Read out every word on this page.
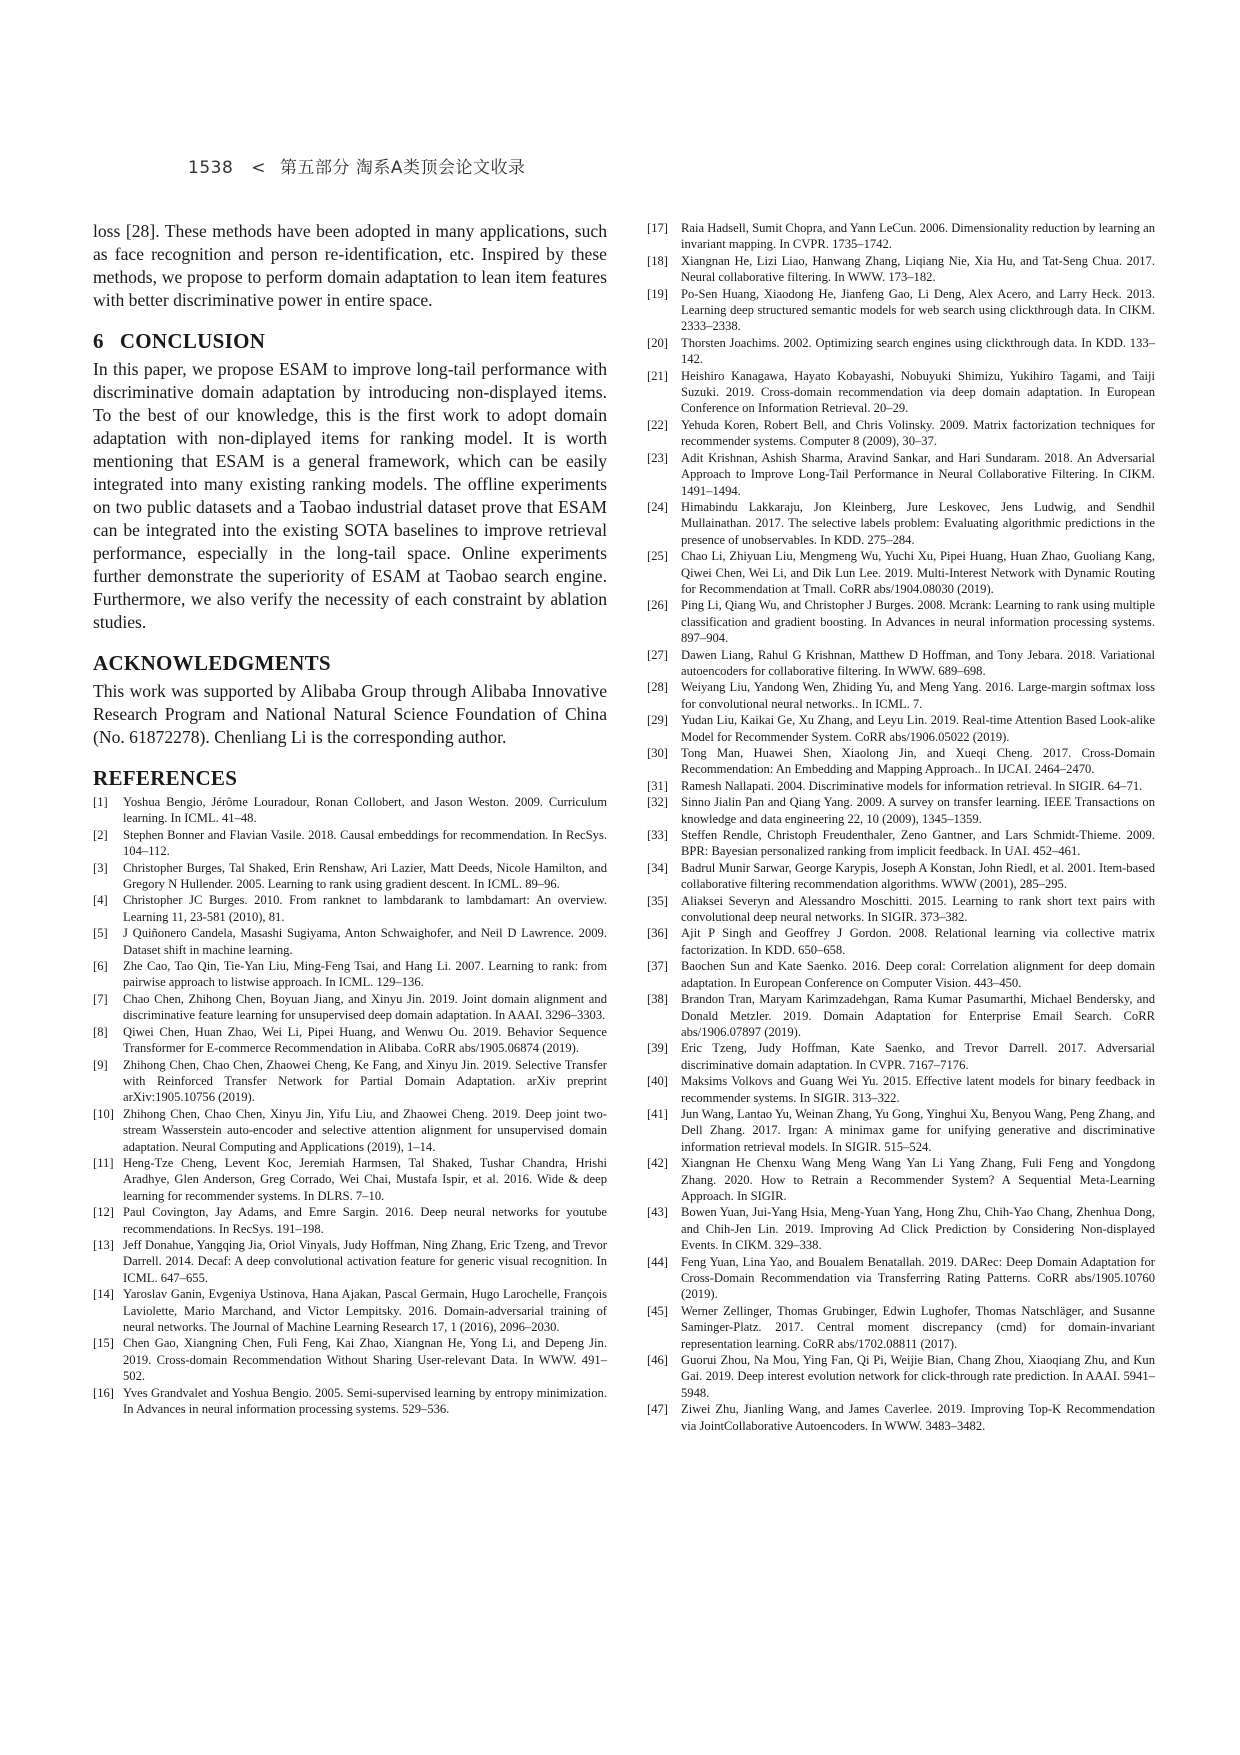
1538 < 第五部分 淘系A类顶会论文收录

loss [28]. These methods have been adopted in many applications, such as face recognition and person re-identification, etc. Inspired by these methods, we propose to perform domain adaptation to lean item features with better discriminative power in entire space.

6 CONCLUSION

In this paper, we propose ESAM to improve long-tail performance with discriminative domain adaptation by introducing non-displayed items. To the best of our knowledge, this is the first work to adopt domain adaptation with non-diplayed items for ranking model. It is worth mentioning that ESAM is a general framework, which can be easily integrated into many existing ranking models. The offline experiments on two public datasets and a Taobao industrial dataset prove that ESAM can be integrated into the existing SOTA baselines to improve retrieval performance, especially in the long-tail space. Online experiments further demonstrate the superiority of ESAM at Taobao search engine. Furthermore, we also verify the necessity of each constraint by ablation studies.

ACKNOWLEDGMENTS

This work was supported by Alibaba Group through Alibaba Innovative Research Program and National Natural Science Foundation of China (No. 61872278). Chenliang Li is the corresponding author.

REFERENCES
[1] Yoshua Bengio, Jérôme Louradour, Ronan Collobert, and Jason Weston. 2009. Curriculum learning. In ICML. 41–48.
[2] Stephen Bonner and Flavian Vasile. 2018. Causal embeddings for recommendation. In RecSys. 104–112.
[3] Christopher Burges, Tal Shaked, Erin Renshaw, Ari Lazier, Matt Deeds, Nicole Hamilton, and Gregory N Hullender. 2005. Learning to rank using gradient descent. In ICML. 89–96.
[4] Christopher JC Burges. 2010. From ranknet to lambdarank to lambdamart: An overview. Learning 11, 23-581 (2010), 81.
[5] J Quiñonero Candela, Masashi Sugiyama, Anton Schwaighofer, and Neil D Lawrence. 2009. Dataset shift in machine learning.
[6] Zhe Cao, Tao Qin, Tie-Yan Liu, Ming-Feng Tsai, and Hang Li. 2007. Learning to rank: from pairwise approach to listwise approach. In ICML. 129–136.
[7] Chao Chen, Zhihong Chen, Boyuan Jiang, and Xinyu Jin. 2019. Joint domain alignment and discriminative feature learning for unsupervised deep domain adaptation. In AAAI. 3296–3303.
[8] Qiwei Chen, Huan Zhao, Wei Li, Pipei Huang, and Wenwu Ou. 2019. Behavior Sequence Transformer for E-commerce Recommendation in Alibaba. CoRR abs/1905.06874 (2019).
[9] Zhihong Chen, Chao Chen, Zhaowei Cheng, Ke Fang, and Xinyu Jin. 2019. Selective Transfer with Reinforced Transfer Network for Partial Domain Adaptation. arXiv preprint arXiv:1905.10756 (2019).
[10] Zhihong Chen, Chao Chen, Xinyu Jin, Yifu Liu, and Zhaowei Cheng. 2019. Deep joint two-stream Wasserstein auto-encoder and selective attention alignment for unsupervised domain adaptation. Neural Computing and Applications (2019), 1–14.
[11] Heng-Tze Cheng, Levent Koc, Jeremiah Harmsen, Tal Shaked, Tushar Chandra, Hrishi Aradhye, Glen Anderson, Greg Corrado, Wei Chai, Mustafa Ispir, et al. 2016. Wide & deep learning for recommender systems. In DLRS. 7–10.
[12] Paul Covington, Jay Adams, and Emre Sargin. 2016. Deep neural networks for youtube recommendations. In RecSys. 191–198.
[13] Jeff Donahue, Yangqing Jia, Oriol Vinyals, Judy Hoffman, Ning Zhang, Eric Tzeng, and Trevor Darrell. 2014. Decaf: A deep convolutional activation feature for generic visual recognition. In ICML. 647–655.
[14] Yaroslav Ganin, Evgeniya Ustinova, Hana Ajakan, Pascal Germain, Hugo Larochelle, François Laviolette, Mario Marchand, and Victor Lempitsky. 2016. Domain-adversarial training of neural networks. The Journal of Machine Learning Research 17, 1 (2016), 2096–2030.
[15] Chen Gao, Xiangning Chen, Fuli Feng, Kai Zhao, Xiangnan He, Yong Li, and Depeng Jin. 2019. Cross-domain Recommendation Without Sharing User-relevant Data. In WWW. 491–502.
[16] Yves Grandvalet and Yoshua Bengio. 2005. Semi-supervised learning by entropy minimization. In Advances in neural information processing systems. 529–536.
[17] Raia Hadsell, Sumit Chopra, and Yann LeCun. 2006. Dimensionality reduction by learning an invariant mapping. In CVPR. 1735–1742.
[18] Xiangnan He, Lizi Liao, Hanwang Zhang, Liqiang Nie, Xia Hu, and Tat-Seng Chua. 2017. Neural collaborative filtering. In WWW. 173–182.
[19] Po-Sen Huang, Xiaodong He, Jianfeng Gao, Li Deng, Alex Acero, and Larry Heck. 2013. Learning deep structured semantic models for web search using clickthrough data. In CIKM. 2333–2338.
[20] Thorsten Joachims. 2002. Optimizing search engines using clickthrough data. In KDD. 133–142.
[21] Heishiro Kanagawa, Hayato Kobayashi, Nobuyuki Shimizu, Yukihiro Tagami, and Taiji Suzuki. 2019. Cross-domain recommendation via deep domain adaptation. In European Conference on Information Retrieval. 20–29.
[22] Yehuda Koren, Robert Bell, and Chris Volinsky. 2009. Matrix factorization techniques for recommender systems. Computer 8 (2009), 30–37.
[23] Adit Krishnan, Ashish Sharma, Aravind Sankar, and Hari Sundaram. 2018. An Adversarial Approach to Improve Long-Tail Performance in Neural Collaborative Filtering. In CIKM. 1491–1494.
[24] Himabindu Lakkaraju, Jon Kleinberg, Jure Leskovec, Jens Ludwig, and Sendhil Mullainathan. 2017. The selective labels problem: Evaluating algorithmic predictions in the presence of unobservables. In KDD. 275–284.
[25] Chao Li, Zhiyuan Liu, Mengmeng Wu, Yuchi Xu, Pipei Huang, Huan Zhao, Guoliang Kang, Qiwei Chen, Wei Li, and Dik Lun Lee. 2019. Multi-Interest Network with Dynamic Routing for Recommendation at Tmall. CoRR abs/1904.08030 (2019).
[26] Ping Li, Qiang Wu, and Christopher J Burges. 2008. Mcrank: Learning to rank using multiple classification and gradient boosting. In Advances in neural information processing systems. 897–904.
[27] Dawen Liang, Rahul G Krishnan, Matthew D Hoffman, and Tony Jebara. 2018. Variational autoencoders for collaborative filtering. In WWW. 689–698.
[28] Weiyang Liu, Yandong Wen, Zhiding Yu, and Meng Yang. 2016. Large-margin softmax loss for convolutional neural networks.. In ICML. 7.
[29] Yudan Liu, Kaikai Ge, Xu Zhang, and Leyu Lin. 2019. Real-time Attention Based Look-alike Model for Recommender System. CoRR abs/1906.05022 (2019).
[30] Tong Man, Huawei Shen, Xiaolong Jin, and Xueqi Cheng. 2017. Cross-Domain Recommendation: An Embedding and Mapping Approach.. In IJCAI. 2464–2470.
[31] Ramesh Nallapati. 2004. Discriminative models for information retrieval. In SIGIR. 64–71.
[32] Sinno Jialin Pan and Qiang Yang. 2009. A survey on transfer learning. IEEE Transactions on knowledge and data engineering 22, 10 (2009), 1345–1359.
[33] Steffen Rendle, Christoph Freudenthaler, Zeno Gantner, and Lars Schmidt-Thieme. 2009. BPR: Bayesian personalized ranking from implicit feedback. In UAI. 452–461.
[34] Badrul Munir Sarwar, George Karypis, Joseph A Konstan, John Riedl, et al. 2001. Item-based collaborative filtering recommendation algorithms. WWW (2001), 285–295.
[35] Aliaksei Severyn and Alessandro Moschitti. 2015. Learning to rank short text pairs with convolutional deep neural networks. In SIGIR. 373–382.
[36] Ajit P Singh and Geoffrey J Gordon. 2008. Relational learning via collective matrix factorization. In KDD. 650–658.
[37] Baochen Sun and Kate Saenko. 2016. Deep coral: Correlation alignment for deep domain adaptation. In European Conference on Computer Vision. 443–450.
[38] Brandon Tran, Maryam Karimzadehgan, Rama Kumar Pasumarthi, Michael Bendersky, and Donald Metzler. 2019. Domain Adaptation for Enterprise Email Search. CoRR abs/1906.07897 (2019).
[39] Eric Tzeng, Judy Hoffman, Kate Saenko, and Trevor Darrell. 2017. Adversarial discriminative domain adaptation. In CVPR. 7167–7176.
[40] Maksims Volkovs and Guang Wei Yu. 2015. Effective latent models for binary feedback in recommender systems. In SIGIR. 313–322.
[41] Jun Wang, Lantao Yu, Weinan Zhang, Yu Gong, Yinghui Xu, Benyou Wang, Peng Zhang, and Dell Zhang. 2017. Irgan: A minimax game for unifying generative and discriminative information retrieval models. In SIGIR. 515–524.
[42] Xiangnan He Chenxu Wang Meng Wang Yan Li Yang Zhang, Fuli Feng and Yongdong Zhang. 2020. How to Retrain a Recommender System? A Sequential Meta-Learning Approach. In SIGIR.
[43] Bowen Yuan, Jui-Yang Hsia, Meng-Yuan Yang, Hong Zhu, Chih-Yao Chang, Zhenhua Dong, and Chih-Jen Lin. 2019. Improving Ad Click Prediction by Considering Non-displayed Events. In CIKM. 329–338.
[44] Feng Yuan, Lina Yao, and Boualem Benatallah. 2019. DARec: Deep Domain Adaptation for Cross-Domain Recommendation via Transferring Rating Patterns. CoRR abs/1905.10760 (2019).
[45] Werner Zellinger, Thomas Grubinger, Edwin Lughofer, Thomas Natschläger, and Susanne Saminger-Platz. 2017. Central moment discrepancy (cmd) for domain-invariant representation learning. CoRR abs/1702.08811 (2017).
[46] Guorui Zhou, Na Mou, Ying Fan, Qi Pi, Weijie Bian, Chang Zhou, Xiaoqiang Zhu, and Kun Gai. 2019. Deep interest evolution network for click-through rate prediction. In AAAI. 5941–5948.
[47] Ziwei Zhu, Jianling Wang, and James Caverlee. 2019. Improving Top-K Recommendation via JointCollaborative Autoencoders. In WWW. 3483–3482.
